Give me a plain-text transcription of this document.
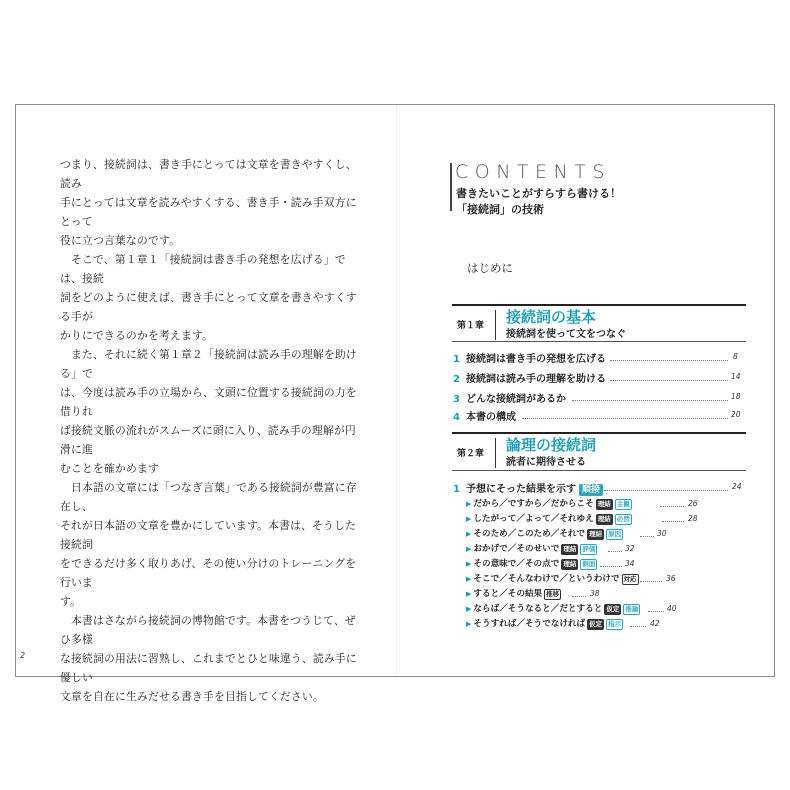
つまり、接続詞は、書き手にとっては文章を書きやすくし、読み

手にとっては文章を読みやすくする、書き手・読み手双方にとって

役に立つ言葉なのです。

そこで、第１章１「接続詞は書き手の発想を広げる」では、接続

詞をどのように使えば、書き手にとって文章を書きやすくする手が

かりにできるのかを考えます。

また、それに続く第１章２「接続詞は読み手の理解を助ける」で

は、今度は読み手の立場から、文頭に位置する接続詞の力を借りれ

ば接続文脈の流れがスムーズに頭に入り、読み手の理解が円滑に進

むことを確かめます

日本語の文章には「つなぎ言葉」である接続詞が豊富に存在し、

それが日本語の文章を豊かにしています。本書は、そうした接続詞

をできるだけ多く取りあげ、その使い分けのトレーニングを行いま

す。

本書はさながら接続詞の博物館です。本書をつうじて、ぜひ多様

な接続詞の用法に習熟し、これまでとひと味違う、読み手に優しい

文章を自在に生みだせる書き手を目指してください。

2
CONTENTS
書きたいことがすらすら書ける！
「接続詞」の技術
はじめに
第１章 接続詞の基本
接続詞を使って文をつなぐ
1 接続詞は書き手の発想を広げる	8
2 接続詞は読み手の理解を助ける	14
3 どんな接続詞があるか	18
4 本書の構成	20
第２章 論理の接続詞
読者に期待させる
1 予想にそった結果を示す 順接	24
▶ だから／ですから／だからこそ 理結 主観	26
▶ したがって／よって／それゆえ 理結 必然	28
▶ そのため／このため／それで 理結 原因	30
▶ おかげで／そのせいで 理結 評価	32
▶ その意味で／その点で 理結 側面	34
▶ そこで／そんなわけで／というわけで 対応	36
▶ すると／その結果 推移	38
▶ ならば／そうなると／だとすると 仮定 推論	40
▶ そうすれば／そうでなければ 仮定 指示	42
